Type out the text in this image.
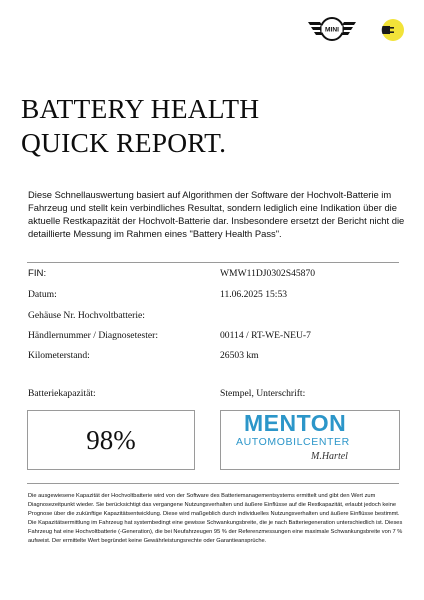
MINI
BATTERY HEALTH
QUICK REPORT.
Diese Schnellauswertung basiert auf Algorithmen der Software der Hochvolt-Batterie im Fahrzeug und stellt kein verbindliches Resultat, sondern lediglich eine Indikation über die aktuelle Restkapazität der Hochvolt-Batterie dar. Insbesondere ersetzt der Bericht nicht die detaillierte Messung im Rahmen eines "Battery Health Pass".
FIN:	WMW11DJ0302S45870
Datum:	11.06.2025 15:53
Gehäuse Nr. Hochvoltbatterie:
Händlernummer / Diagnosetester:	00114 / RT-WE-NEU-7
Kilometerstand:	26503 km
Batteriekapazität:	Stempel, Unterschrift:
98%
MENTON
AUTOMOBILCENTER
M.Hartel
Die ausgewiesene Kapazität der Hochvoltbatterie wird von der Software des Batteriemanagementsystems ermittelt und gibt den Wert zum Diagnosezeitpunkt wieder. Sie berücksichtigt das vergangene Nutzungsverhalten und äußere Einflüsse auf die Restkapazität, erlaubt jedoch keine Prognose über die zukünftige Kapazitätsentwicklung. Diese wird maßgeblich durch individuelles Nutzungsverhalten und äußere Einflüsse bestimmt. Die Kapazitätsermittlung im Fahrzeug hat systembedingt eine gewisse Schwankungsbreite, die je nach Batteriegeneration unterschiedlich ist. Dieses Fahrzeug hat eine Hochvoltbatterie (-Generation), die bei Neufahrzeugen 95 % der Referenzmessungen eine maximale Schwankungsbreite von 7 % aufweist. Der ermittelte Wert begründet keine Gewährleistungsrechte oder Garantieansprüche.
